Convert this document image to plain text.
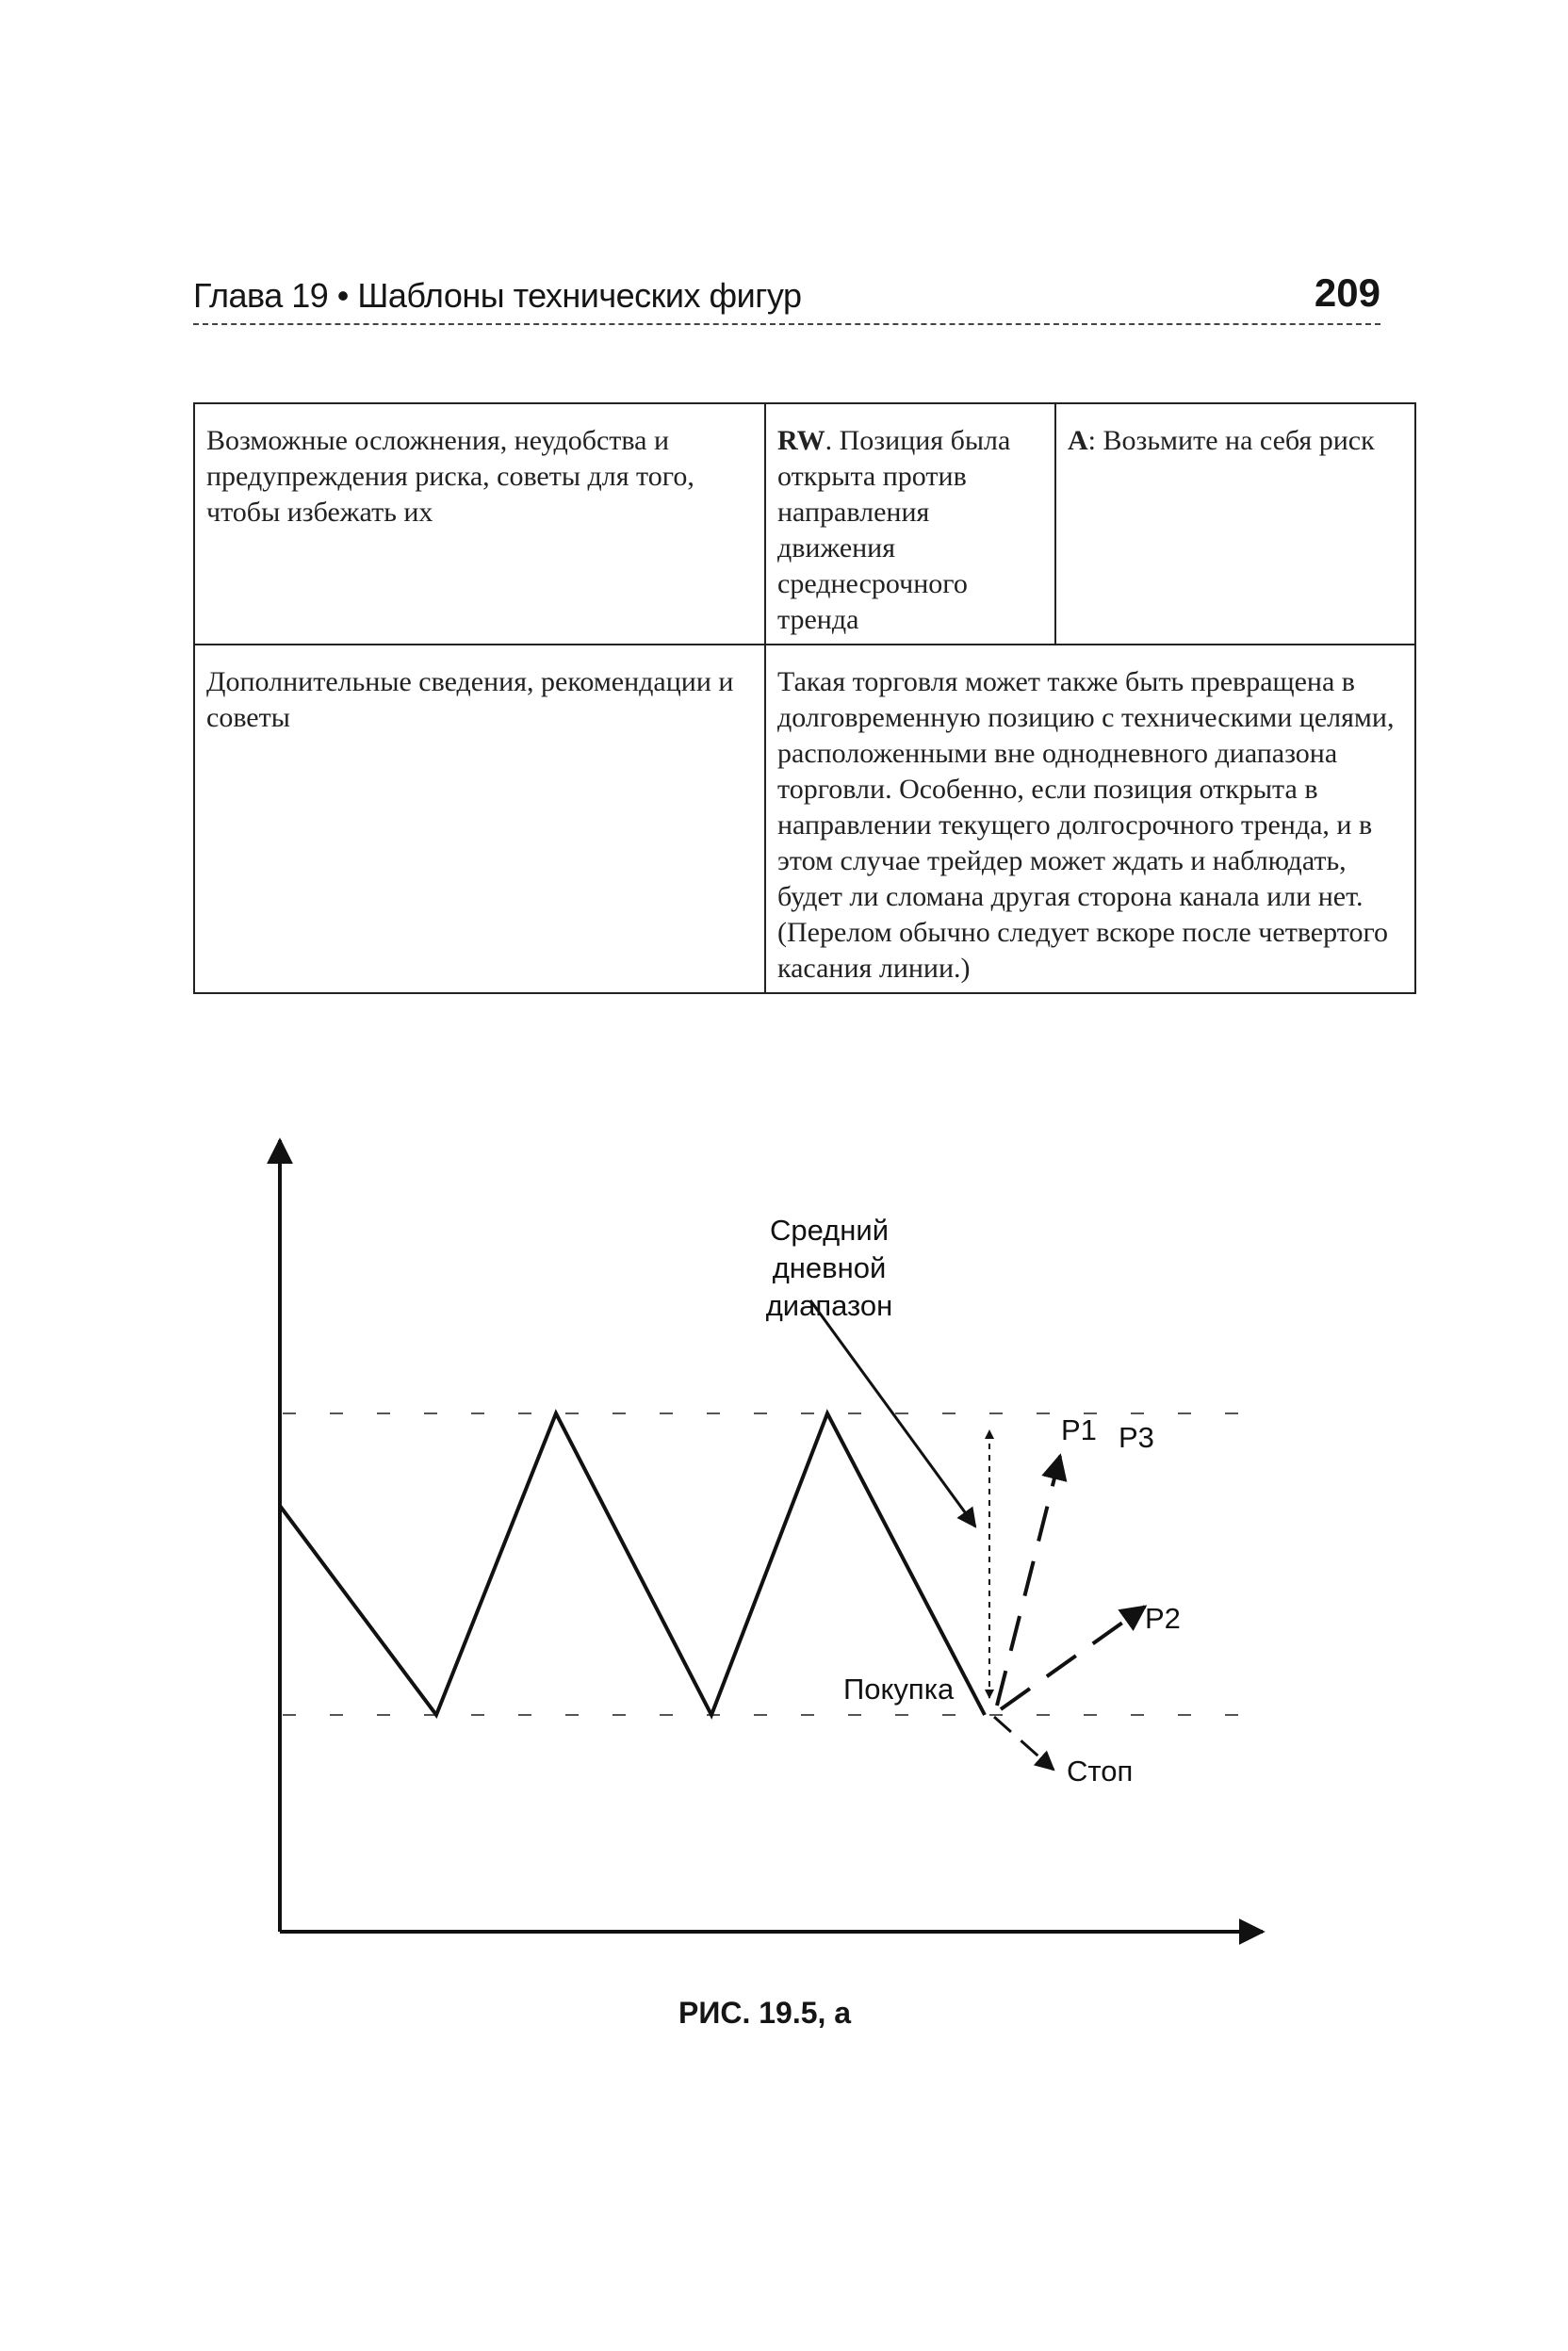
Глава 19 • Шаблоны технических фигур	209
Возможные осложнения, неудобства и предупреждения риска, советы для того, чтобы избежать их	RW. Позиция была открыта против направления движения среднесрочного тренда	A: Возьмите на себя риск
Дополнительные сведения, рекомендации и советы	Такая торговля может также быть превращена в долговременную позицию с техническими целями, расположенными вне однодневного диапазона торговли. Особенно, если позиция открыта в направлении текущего долгосрочного тренда, и в этом случае трейдер может ждать и наблюдать, будет ли сломана другая сторона канала или нет. (Перелом обычно следует вскоре после четвертого касания линии.)	
Средний дневной диапазон
Покупка
P1 P3
P2
Стоп
РИС. 19.5, а
